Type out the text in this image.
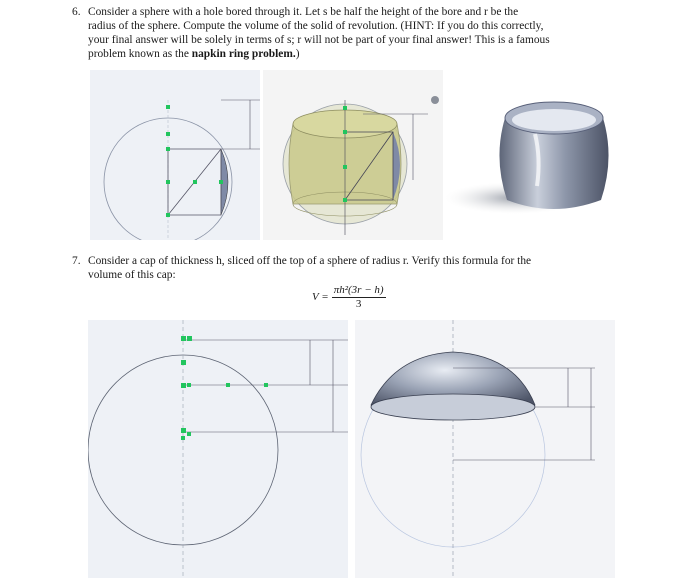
6. Consider a sphere with a hole bored through it. Let s be half the height of the bore and r be the
radius of the sphere. Compute the volume of the solid of revolution. (HINT: If you do this correctly,
your final answer will be solely in terms of s; r will not be part of your final answer! This is a famous
problem known as the napkin ring problem.)
7. Consider a cap of thickness h, sliced off the top of a sphere of radius r. Verify this formula for the
volume of this cap:
$V = \frac{\text{πh²(3r − h)}}{3}$
